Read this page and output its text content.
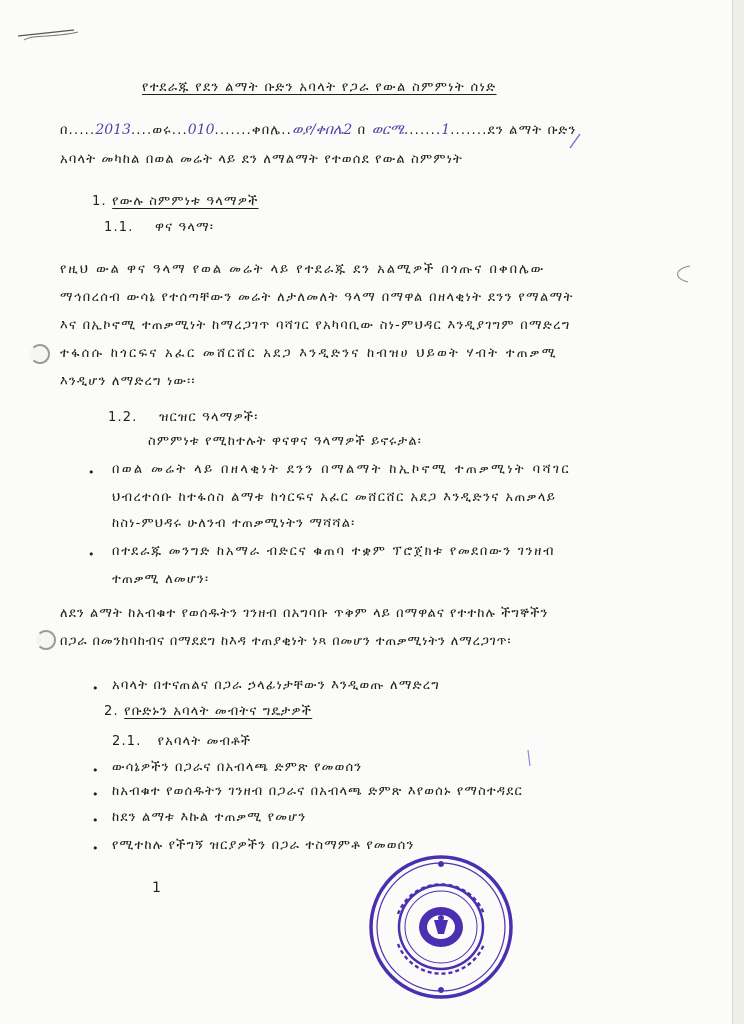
የተደራጁ የደን ልማት ቡድን አባላት የጋራ የውል ስምምነት ሰነድ
በ.....2013....ወሩ...010.......ቀበሌ..ወያ/ቀበሌ2 በ ወርሜ.......1.......ደን ልማት ቡድን
አባላት መካከል በወል መሬት ላይ ደን ለማልማት የተወሰደ የውል ስምምነት
1. የውሉ ስምምነቱ ዓላማዎች
1.1. ዋና ዓላማ፡
የዚህ ውል ዋና ዓላማ የወል መሬት ላይ የተደራጁ ደን አልሚዎች በጎጡና በቀበሌው
ማኅበረሰብ ውሳኔ የተሰጣቸውን መሬት ለታለመለት ዓላማ በማዋል በዘላቂነት ደንን የማልማት
እና በኢኮኖሚ ተጠቃሚነት ከማረጋገጥ ባሻገር የአካባቢው ስነ-ምህዳር እንዲያገግም በማድረግ
ተፋሰሱ ከጎርፍና አፈር መሸርሸር አደጋ እንዲድንና ከብዝሀ ህይወት ሃብት ተጠቃሚ
እንዲሆን ለማድረግ ነው፡፡
1.2. ዝርዝር ዓላማዎች፡
ስምምነቱ የሚከተሉት ዋናዋና ዓላማዎች ይኖሩታል፡
• በወል መሬት ላይ በዘላቂነት ደንን በማልማት ከኢኮኖሚ ተጠቃሚነት ባሻገር
ህብረተሰቡ ከተፋሰስ ልማቱ ከጎርፍና አፈር መሸርሸር አደጋ እንዲድንና አጠቃላይ
ከስነ-ምህዳሩ ሁለንብ ተጠቃሚነትን ማሻሻል፡
• በተደራጁ መንግድ ከአማራ ብድርና ቁጠባ ተቋም ፕሮጀክቱ የመደበውን ገንዘብ
ተጠቃሚ ለመሆን፡
ለደን ልማት ከአብቁተ የወሰዱትን ገንዘብ በአግባቡ ጥቅም ላይ በማዋልና የተተከሉ ችግኞችን
በጋራ በመንከባከብና በማደደግ ከእዳ ተጠያቂነት ነጻ በመሆን ተጠቃሚነትን ለማረጋገጥ፡
• አባላት በተናጠልና በጋራ ኃላፊነታቸውን እንዲወጡ ለማድረግ
2. የቡድኑን አባላት መብትና ግዴታዎች
2.1. የአባላት መብቶች
• ውሳኔዎችን በጋራና በአብላጫ ድምጽ የመወሰን
• ከአብቁተ የወሰዱትን ገንዘብ በጋራና በአብላጫ ድምጽ እየወሰኑ የማስተዳደር
• ከደን ልማቱ እኩል ተጠቃሚ የመሆን
• የሚተከሉ የችግኝ ዝርያዎችን በጋራ ተስማምቶ የመወሰን
1
